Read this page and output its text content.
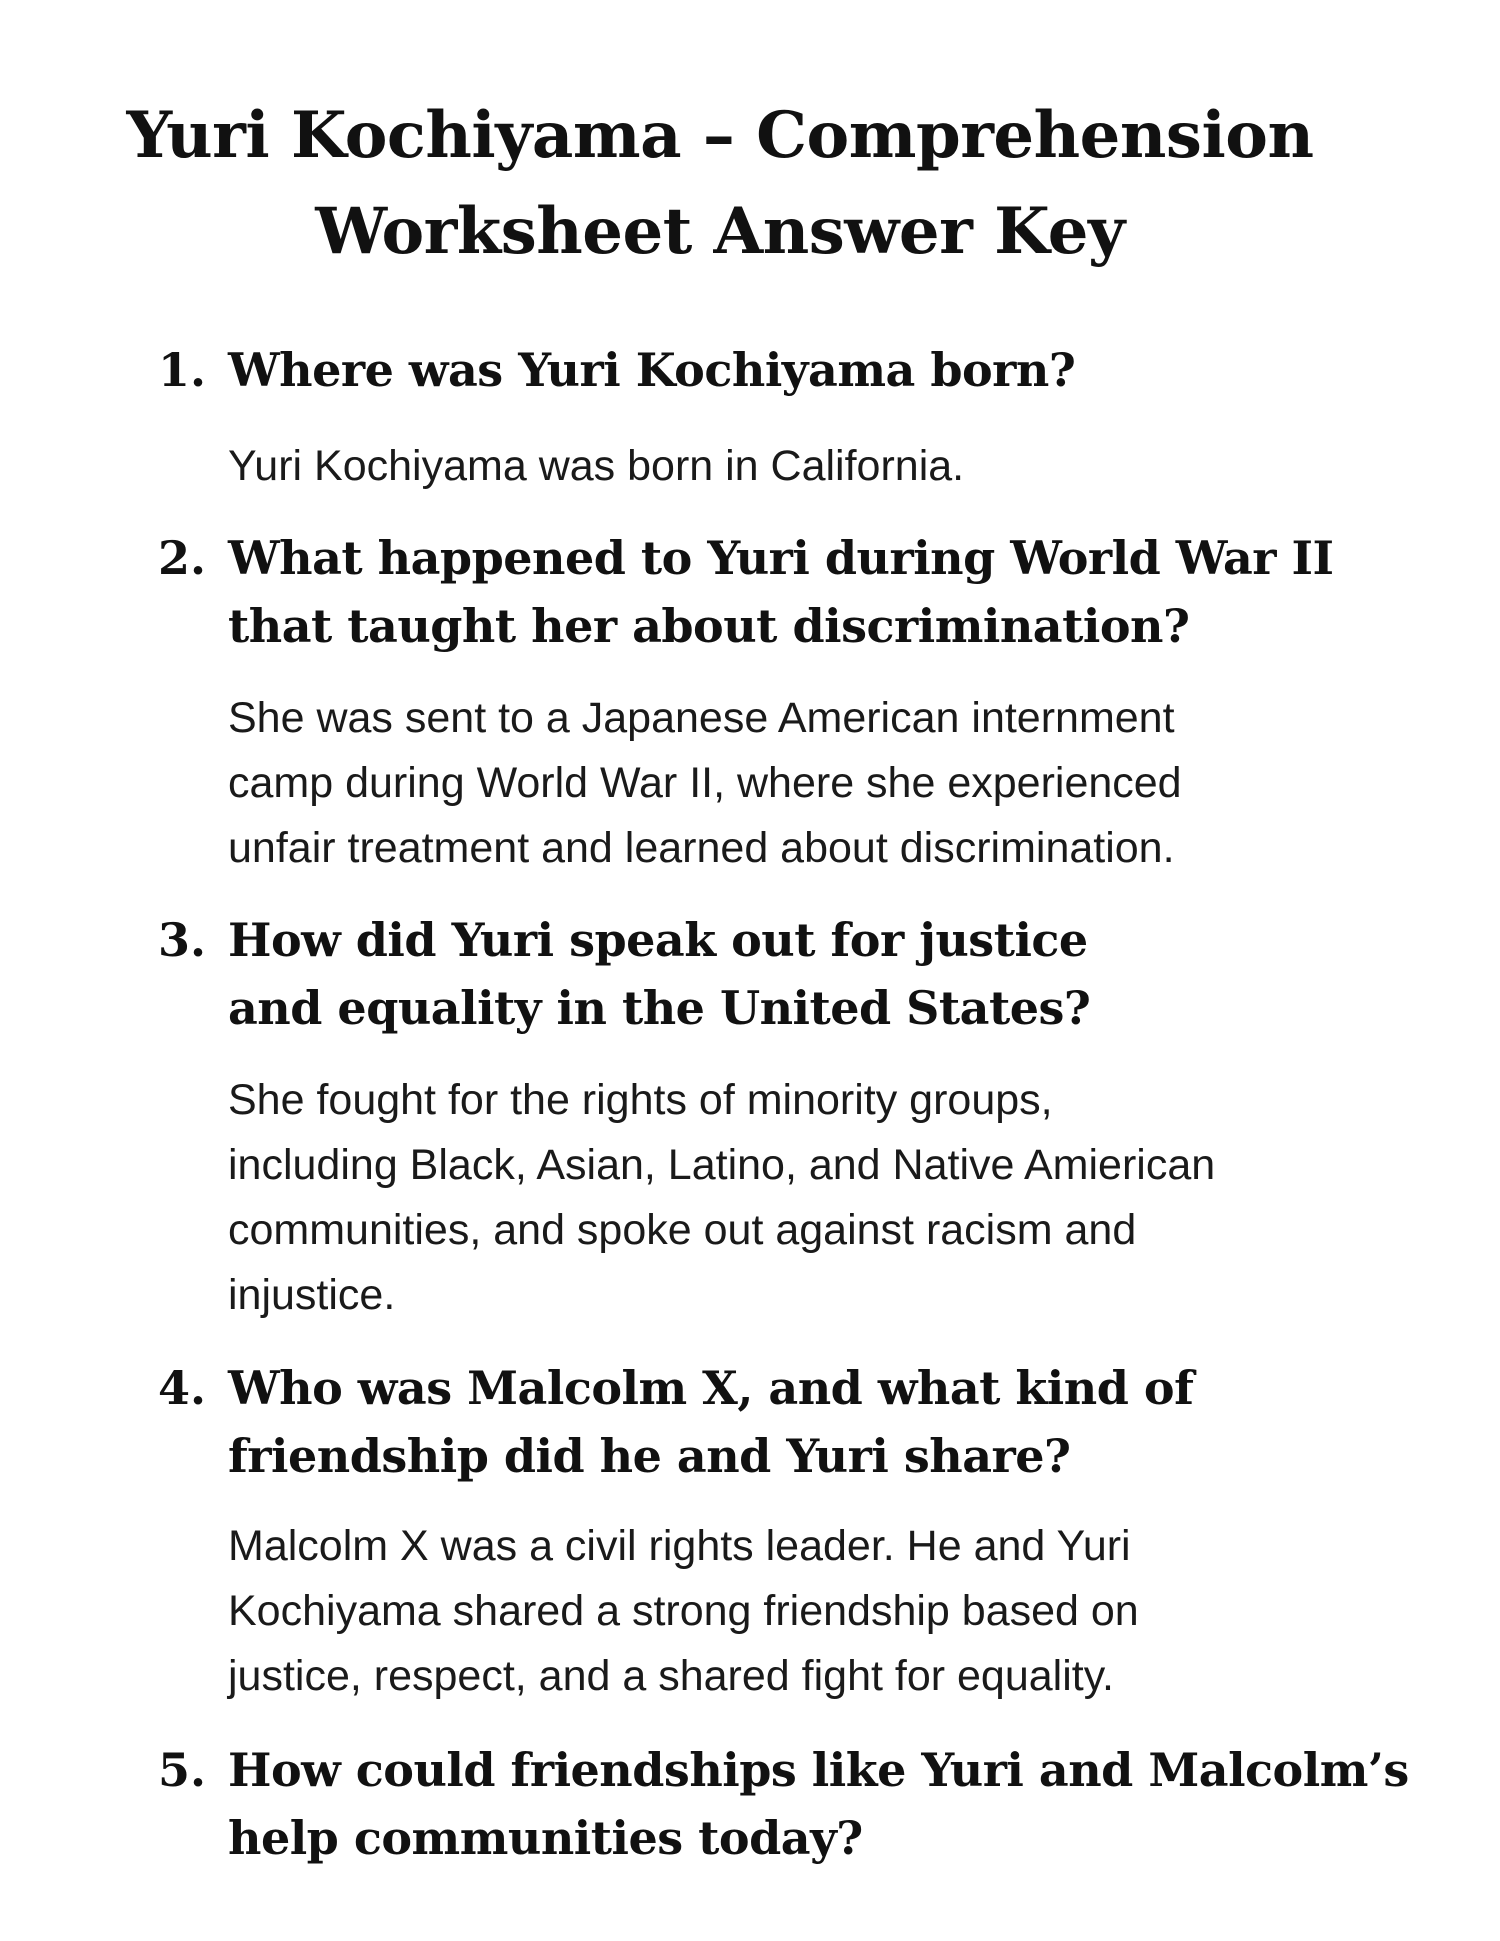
Yuri Kochiyama – Comprehension
Worksheet Answer Key
1. Where was Yuri Kochiyama born?

Yuri Kochiyama was born in California.

2. What happened to Yuri during World War II
that taught her about discrimination?

She was sent to a Japanese American internment
camp during World War II, where she experienced
unfair treatment and learned about discrimination.

3. How did Yuri speak out for justice
and equality in the United States?

She fought for the rights of minority groups,
including Black, Asian, Latino, and Native Amierican
communities, and spoke out against racism and
injustice.

4. Who was Malcolm X, and what kind of
friendship did he and Yuri share?

Malcolm X was a civil rights leader. He and Yuri
Kochiyama shared a strong friendship based on
justice, respect, and a shared fight for equality.

5. How could friendships like Yuri and Malcolm’s
help communities today?
